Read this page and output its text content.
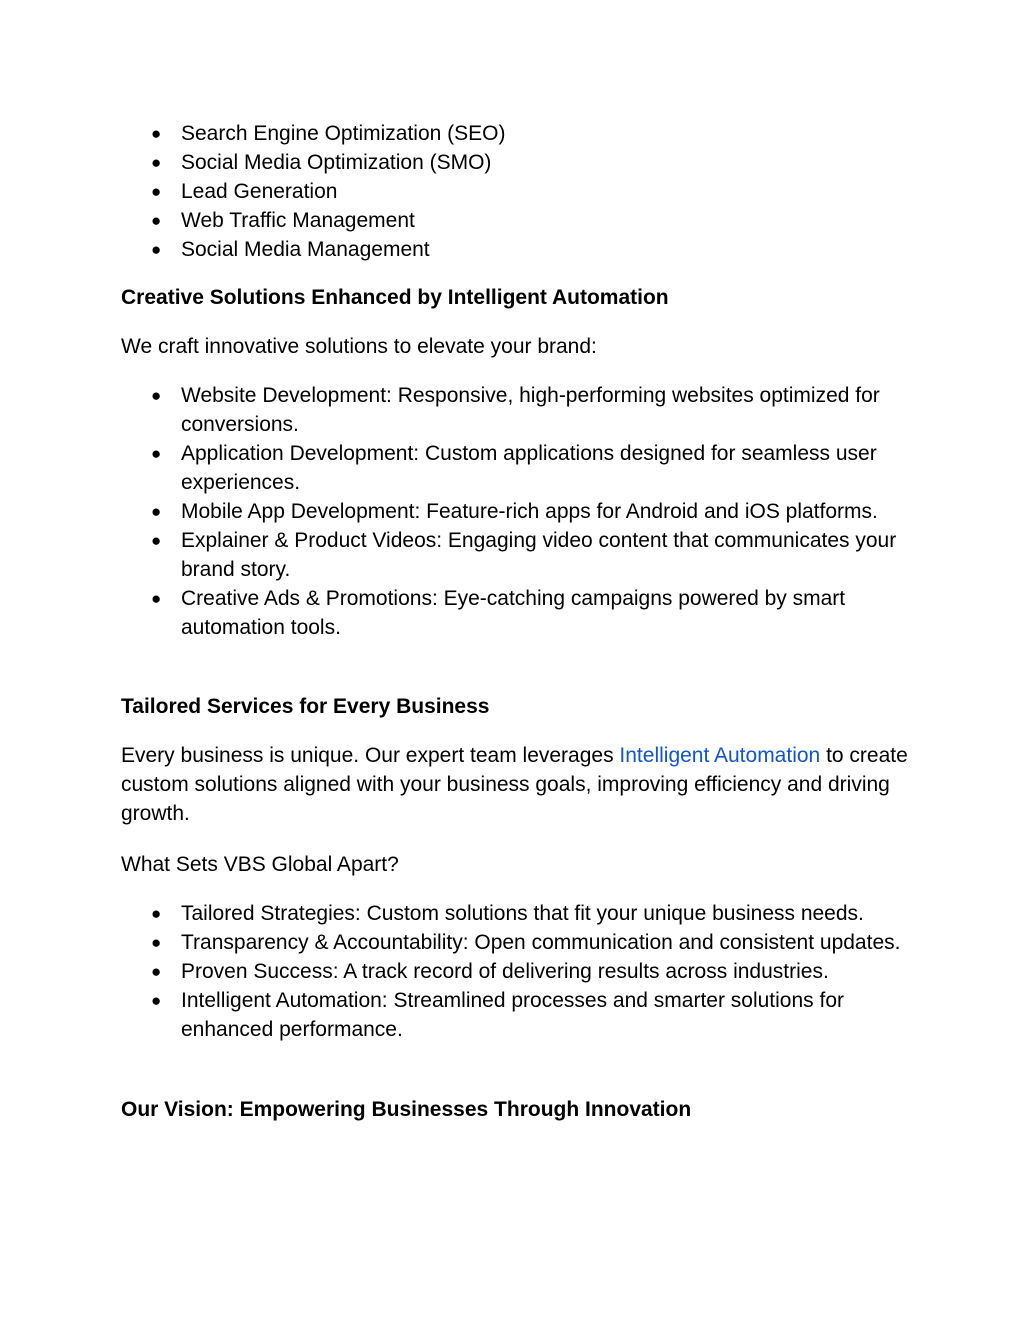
● Search Engine Optimization (SEO)
● Social Media Optimization (SMO)
● Lead Generation
● Web Traffic Management
● Social Media Management

Creative Solutions Enhanced by Intelligent Automation

We craft innovative solutions to elevate your brand:

● Website Development: Responsive, high-performing websites optimized for conversions.
● Application Development: Custom applications designed for seamless user experiences.
● Mobile App Development: Feature-rich apps for Android and iOS platforms.
● Explainer & Product Videos: Engaging video content that communicates your brand story.
● Creative Ads & Promotions: Eye-catching campaigns powered by smart automation tools.

Tailored Services for Every Business

Every business is unique. Our expert team leverages Intelligent Automation to create custom solutions aligned with your business goals, improving efficiency and driving growth.

What Sets VBS Global Apart?

● Tailored Strategies: Custom solutions that fit your unique business needs.
● Transparency & Accountability: Open communication and consistent updates.
● Proven Success: A track record of delivering results across industries.
● Intelligent Automation: Streamlined processes and smarter solutions for enhanced performance.

Our Vision: Empowering Businesses Through Innovation
